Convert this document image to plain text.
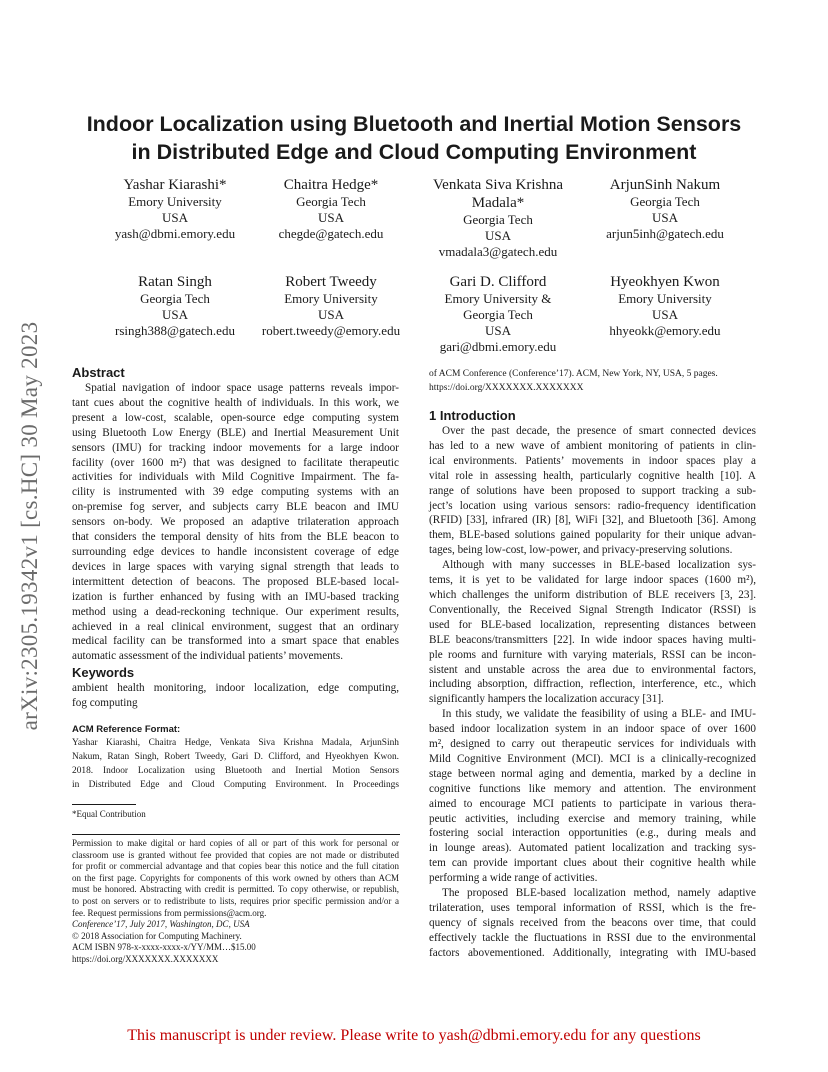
arXiv:2305.19342v1 [cs.HC] 30 May 2023
Indoor Localization using Bluetooth and Inertial Motion Sensors
in Distributed Edge and Cloud Computing Environment
Yashar Kiarashi*
Emory University
USA
yash@dbmi.emory.edu
Chaitra Hedge*
Georgia Tech
USA
chegde@gatech.edu
Venkata Siva Krishna
Madala*
Georgia Tech
USA
vmadala3@gatech.edu
ArjunSinh Nakum
Georgia Tech
USA
arjun5inh@gatech.edu
Ratan Singh
Georgia Tech
USA
rsingh388@gatech.edu
Robert Tweedy
Emory University
USA
robert.tweedy@emory.edu
Gari D. Clifford
Emory University &
Georgia Tech
USA
gari@dbmi.emory.edu
Hyeokhyen Kwon
Emory University
USA
hhyeokk@emory.edu
Abstract
Spatial navigation of indoor space usage patterns reveals impor-
tant cues about the cognitive health of individuals. In this work, we
present a low-cost, scalable, open-source edge computing system
using Bluetooth Low Energy (BLE) and Inertial Measurement Unit
sensors (IMU) for tracking indoor movements for a large indoor
facility (over 1600 m²) that was designed to facilitate therapeutic
activities for individuals with Mild Cognitive Impairment. The fa-
cility is instrumented with 39 edge computing systems with an
on-premise fog server, and subjects carry BLE beacon and IMU
sensors on-body. We proposed an adaptive trilateration approach
that considers the temporal density of hits from the BLE beacon to
surrounding edge devices to handle inconsistent coverage of edge
devices in large spaces with varying signal strength that leads to
intermittent detection of beacons. The proposed BLE-based local-
ization is further enhanced by fusing with an IMU-based tracking
method using a dead-reckoning technique. Our experiment results,
achieved in a real clinical environment, suggest that an ordinary
medical facility can be transformed into a smart space that enables
automatic assessment of the individual patients’ movements.
Keywords
ambient health monitoring, indoor localization, edge computing,
fog computing
ACM Reference Format:
Yashar Kiarashi, Chaitra Hedge, Venkata Siva Krishna Madala, ArjunSinh
Nakum, Ratan Singh, Robert Tweedy, Gari D. Clifford, and Hyeokhyen Kwon.
2018. Indoor Localization using Bluetooth and Inertial Motion Sensors
in Distributed Edge and Cloud Computing Environment. In Proceedings
*Equal Contribution
Permission to make digital or hard copies of all or part of this work for personal or
classroom use is granted without fee provided that copies are not made or distributed
for profit or commercial advantage and that copies bear this notice and the full citation
on the first page. Copyrights for components of this work owned by others than ACM
must be honored. Abstracting with credit is permitted. To copy otherwise, or republish,
to post on servers or to redistribute to lists, requires prior specific permission and/or a
fee. Request permissions from permissions@acm.org.
Conference’17, July 2017, Washington, DC, USA
© 2018 Association for Computing Machinery.
ACM ISBN 978-x-xxxx-xxxx-x/YY/MM…$15.00
https://doi.org/XXXXXXX.XXXXXXX
of ACM Conference (Conference’17). ACM, New York, NY, USA, 5 pages.
https://doi.org/XXXXXXX.XXXXXXX
1 Introduction
Over the past decade, the presence of smart connected devices
has led to a new wave of ambient monitoring of patients in clin-
ical environments. Patients’ movements in indoor spaces play a
vital role in assessing health, particularly cognitive health [10]. A
range of solutions have been proposed to support tracking a sub-
ject’s location using various sensors: radio-frequency identification
(RFID) [33], infrared (IR) [8], WiFi [32], and Bluetooth [36]. Among
them, BLE-based solutions gained popularity for their unique advan-
tages, being low-cost, low-power, and privacy-preserving solutions.
Although with many successes in BLE-based localization sys-
tems, it is yet to be validated for large indoor spaces (1600 m²),
which challenges the uniform distribution of BLE receivers [3, 23].
Conventionally, the Received Signal Strength Indicator (RSSI) is
used for BLE-based localization, representing distances between
BLE beacons/transmitters [22]. In wide indoor spaces having multi-
ple rooms and furniture with varying materials, RSSI can be incon-
sistent and unstable across the area due to environmental factors,
including absorption, diffraction, reflection, interference, etc., which
significantly hampers the localization accuracy [31].
In this study, we validate the feasibility of using a BLE- and IMU-
based indoor localization system in an indoor space of over 1600
m², designed to carry out therapeutic services for individuals with
Mild Cognitive Environment (MCI). MCI is a clinically-recognized
stage between normal aging and dementia, marked by a decline in
cognitive functions like memory and attention. The environment
aimed to encourage MCI patients to participate in various thera-
peutic activities, including exercise and memory training, while
fostering social interaction opportunities (e.g., during meals and
in lounge areas). Automated patient localization and tracking sys-
tem can provide important clues about their cognitive health while
performing a wide range of activities.
The proposed BLE-based localization method, namely adaptive
trilateration, uses temporal information of RSSI, which is the fre-
quency of signals received from the beacons over time, that could
effectively tackle the fluctuations in RSSI due to the environmental
factors abovementioned. Additionally, integrating with IMU-based
This manuscript is under review. Please write to yash@dbmi.emory.edu for any questions
